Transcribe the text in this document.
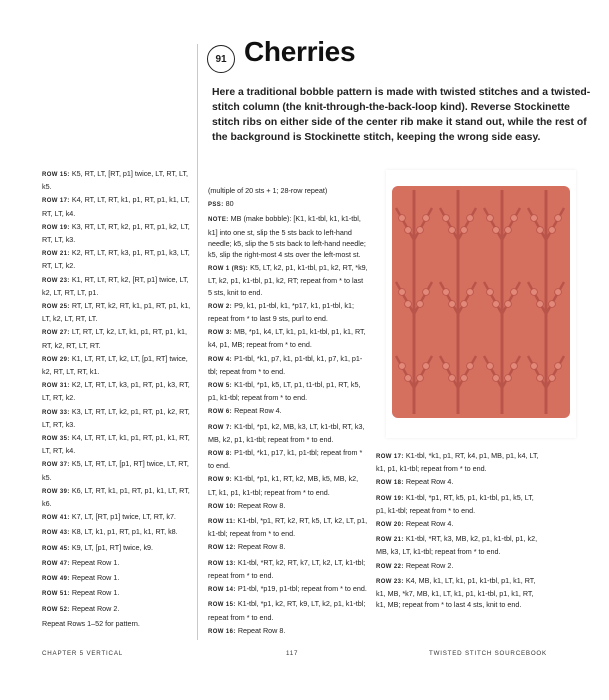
91 Cherries
Here a traditional bobble pattern is made with twisted stitches and a twisted-stitch column (the knit-through-the-back-loop kind). Reverse Stockinette stitch ribs on either side of the center rib make it stand out, while the rest of the background is Stockinette stitch, keeping the wrong side easy.

ROW 15: K5, RT, LT, [RT, p1] twice, LT, RT, LT, k5.

ROW 17: K4, RT, LT, RT, k1, p1, RT, p1, k1, LT, RT, LT, k4.

ROW 19: K3, RT, LT, RT, k2, p1, RT, p1, k2, LT, RT, LT, k3.

ROW 21: K2, RT, LT, RT, k3, p1, RT, p1, k3, LT, RT, LT, k2.

ROW 23: K1, RT, LT, RT, k2, [RT, p1] twice, LT, k2, LT, RT, LT, p1.

ROW 25: RT, LT, RT, k2, RT, k1, p1, RT, p1, k1, LT, k2, LT, RT, LT.

ROW 27: LT, RT, LT, k2, LT, k1, p1, RT, p1, k1, RT, k2, RT, LT, RT.

ROW 29: K1, LT, RT, LT, k2, LT, [p1, RT] twice, k2, RT, LT, RT, k1.

ROW 31: K2, LT, RT, LT, k3, p1, RT, p1, k3, RT, LT, RT, k2.

ROW 33: K3, LT, RT, LT, k2, p1, RT, p1, k2, RT, LT, RT, k3.

ROW 35: K4, LT, RT, LT, k1, p1, RT, p1, k1, RT, LT, RT, k4.

ROW 37: K5, LT, RT, LT, [p1, RT] twice, LT, RT, k5.

ROW 39: K6, LT, RT, k1, p1, RT, p1, k1, LT, RT, k6.

ROW 41: K7, LT, [RT, p1] twice, LT, RT, k7.

ROW 43: K8, LT, k1, p1, RT, p1, k1, RT, k8.

ROW 45: K9, LT, [p1, RT] twice, k9.

ROW 47: Repeat Row 1.

ROW 49: Repeat Row 1.

ROW 51: Repeat Row 1.

ROW 52: Repeat Row 2.

Repeat Rows 1–52 for pattern.

(multiple of 20 sts + 1; 28-row repeat)

PSS: 80

NOTE: MB (make bobble): [K1, k1-tbl, k1, k1-tbl, k1] into one st, slip the 5 sts back to left-hand needle; k5, slip the 5 sts back to left-hand needle; k5, slip the right-most 4 sts over the left-most st.

ROW 1 (RS): K5, LT, k2, p1, k1-tbl, p1, k2, RT, *k9, LT, k2, p1, k1-tbl, p1, k2, RT; repeat from * to last 5 sts, knit to end.

ROW 2: P9, k1, p1-tbl, k1, *p17, k1, p1-tbl, k1; repeat from * to last 9 sts, purl to end.

ROW 3: MB, *p1, k4, LT, k1, p1, k1-tbl, p1, k1, RT, k4, p1, MB; repeat from * to end.

ROW 4: P1-tbl, *k1, p7, k1, p1-tbl, k1, p7, k1, p1-tbl; repeat from * to end.

ROW 5: K1-tbl, *p1, k5, LT, p1, t1-tbl, p1, RT, k5, p1, k1-tbl; repeat from * to end.

ROW 6: Repeat Row 4.

ROW 7: K1-tbl, *p1, k2, MB, k3, LT, k1-tbl, RT, k3, MB, k2, p1, k1-tbl; repeat from * to end.

ROW 8: P1-tbl, *k1, p17, k1, p1-tbl; repeat from * to end.

ROW 9: K1-tbl, *p1, k1, RT, k2, MB, k5, MB, k2, LT, k1, p1, k1-tbl; repeat from * to end.

ROW 10: Repeat Row 8.

ROW 11: K1-tbl, *p1, RT, k2, RT, k5, LT, k2, LT, p1, k1-tbl; repeat from * to end.

ROW 12: Repeat Row 8.

ROW 13: K1-tbl, *RT, k2, RT, k7, LT, k2, LT, k1-tbl; repeat from * to end.

ROW 14: P1-tbl, *p19, p1-tbl; repeat from * to end.

ROW 15: K1-tbl, *p1, k2, RT, k9, LT, k2, p1, k1-tbl; repeat from * to end.

ROW 16: Repeat Row 8.

ROW 17: K1-tbl, *k1, p1, RT, k4, p1, MB, p1, k4, LT, k1, p1, k1-tbl; repeat from * to end.

ROW 18: Repeat Row 4.

ROW 19: K1-tbl, *p1, RT, k5, p1, k1-tbl, p1, k5, LT, p1, k1-tbl; repeat from * to end.

ROW 20: Repeat Row 4.

ROW 21: K1-tbl, *RT, k3, MB, k2, p1, k1-tbl, p1, k2, MB, k3, LT, k1-tbl; repeat from * to end.

ROW 22: Repeat Row 2.

ROW 23: K4, MB, k1, LT, k1, p1, k1-tbl, p1, k1, RT, k1, MB, *k7, MB, k1, LT, k1, p1, k1-tbl, p1, k1, RT, k1, MB; repeat from * to last 4 sts, knit to end.

CHAPTER 5 VERTICAL	117	TWISTED STITCH SOURCEBOOK
